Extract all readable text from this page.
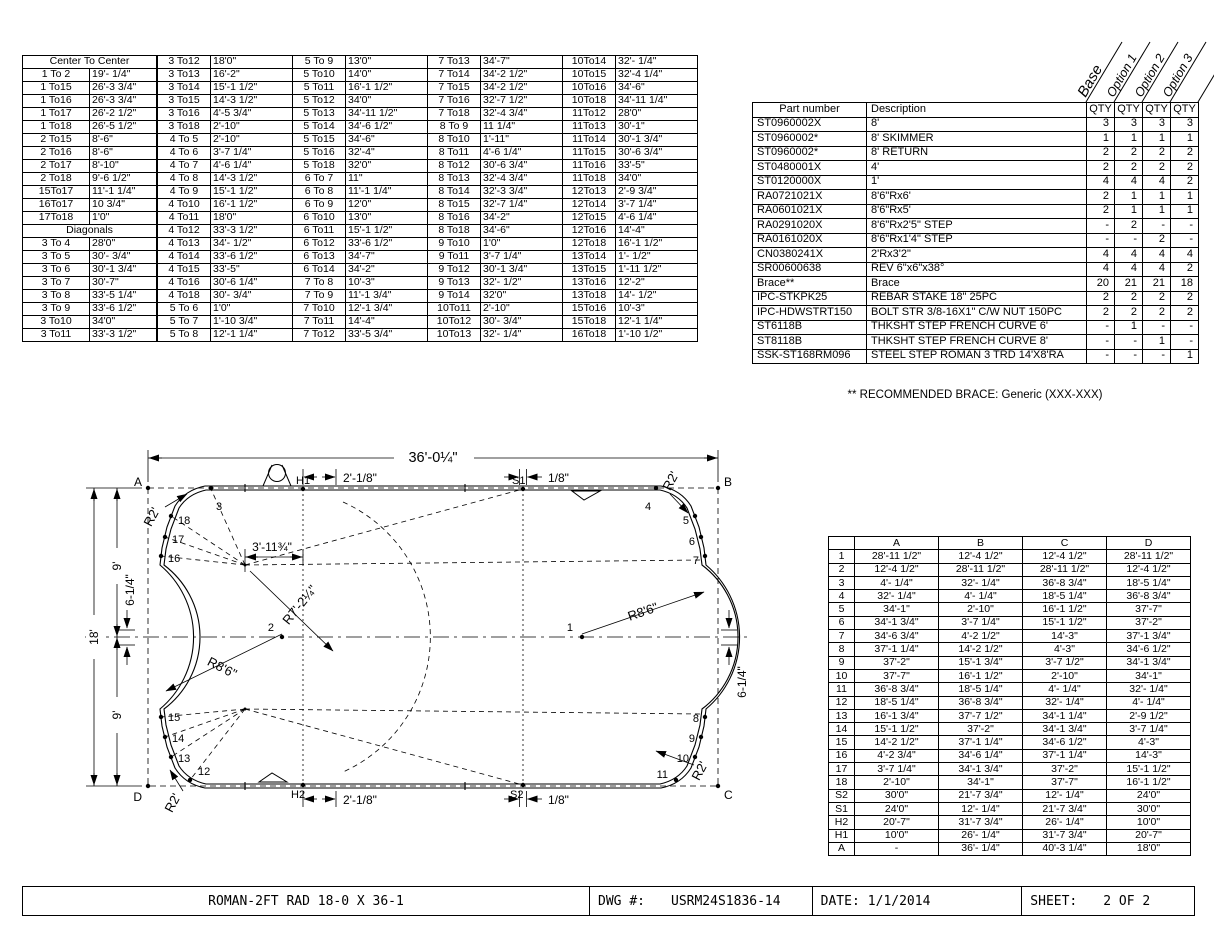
Center To Center	
1 To 2	19'- 1/4"
1 To15	26'-3 3/4"
1 To16	26'-3 3/4"
1 To17	26'-2 1/2"
1 To18	26'-5 1/2"
2 To15	8'-6"
2 To16	8'-6"
2 To17	8'-10"
2 To18	9'-6 1/2"
15To17	11'-1 1/4"
16To17	10 3/4"
17To18	1'0"
Diagonals	
3 To 4	28'0"
3 To 5	30'- 3/4"
3 To 6	30'-1 3/4"
3 To 7	30'-7"
3 To 8	33'-5 1/4"
3 To 9	33'-6 1/2"
3 To10	34'0"
3 To11	33'-3 1/2"
3 To12	18'0"
3 To13	16'-2"
3 To14	15'-1 1/2"
3 To15	14'-3 1/2"
3 To16	4'-5 3/4"
3 To18	2'-10"
4 To 5	2'-10"
4 To 6	3'-7 1/4"
4 To 7	4'-6 1/4"
4 To 8	14'-3 1/2"
4 To 9	15'-1 1/2"
4 To10	16'-1 1/2"
4 To11	18'0"
4 To12	33'-3 1/2"
4 To13	34'- 1/2"
4 To14	33'-6 1/2"
4 To15	33'-5"
4 To16	30'-6 1/4"
4 To18	30'- 3/4"
5 To 6	1'0"
5 To 7	1'-10 3/4"
5 To 8	12'-1 1/4"
5 To 9	13'0"
5 To10	14'0"
5 To11	16'-1 1/2"
5 To12	34'0"
5 To13	34'-11 1/2"
5 To14	34'-6 1/2"
5 To15	34'-6"
5 To16	32'-4"
5 To18	32'0"
6 To 7	11"
6 To 8	11'-1 1/4"
6 To 9	12'0"
6 To10	13'0"
6 To11	15'-1 1/2"
6 To12	33'-6 1/2"
6 To13	34'-7"
6 To14	34'-2"
7 To 8	10'-3"
7 To 9	11'-1 3/4"
7 To10	12'-1 3/4"
7 To11	14'-4"
7 To12	33'-5 3/4"
7 To13	34'-7"
7 To14	34'-2 1/2"
7 To15	34'-2 1/2"
7 To16	32'-7 1/2"
7 To18	32'-4 3/4"
8 To 9	11 1/4"
8 To10	1'-11"
8 To11	4'-6 1/4"
8 To12	30'-6 3/4"
8 To13	32'-4 3/4"
8 To14	32'-3 3/4"
8 To15	32'-7 1/4"
8 To16	34'-2"
8 To18	34'-6"
9 To10	1'0"
9 To11	3'-7 1/4"
9 To12	30'-1 3/4"
9 To13	32'- 1/2"
9 To14	32'0"
10To11	2'-10"
10To12	30'- 3/4"
10To13	32'- 1/4"
10To14	32'- 1/4"
10To15	32'-4 1/4"
10To16	34'-6"
10To18	34'-11 1/4"
11To12	28'0"
11To13	30'-1"
11To14	30'-1 3/4"
11To15	30'-6 3/4"
11To16	33'-5"
11To18	34'0"
12To13	2'-9 3/4"
12To14	3'-7 1/4"
12To15	4'-6 1/4"
12To16	14'-4"
12To18	16'-1 1/2"
13To14	1'- 1/2"
13To15	1'-11 1/2"
13To16	12'-2"
13To18	14'- 1/2"
15To16	10'-3"
15To18	12'-1 1/4"
16To18	1'-10 1/2"
Base
Option 1
Option 2
Option 3
Part number	Description	QTY	QTY	QTY	QTY
ST0960002X	8'	3	3	3	3
ST0960002*	8' SKIMMER	1	1	1	1
ST0960002*	8' RETURN	2	2	2	2
ST0480001X	4'	2	2	2	2
ST0120000X	1'	4	4	4	2
RA0721021X	8'6"Rx6'	2	1	1	1
RA0601021X	8'6"Rx5'	2	1	1	1
RA0291020X	8'6"Rx2'5" STEP	-	2	-	-
RA0161020X	8'6"Rx1'4" STEP	-	-	2	-
CN0380241X	2'Rx3'2"	4	4	4	4
SR00600638	REV 6"x6"x38°	4	4	4	2
Brace**	Brace	20	21	21	18
IPC-STKPK25	REBAR STAKE 18" 25PC	2	2	2	2
IPC-HDWSTRT150	BOLT STR 3/8-16X1" C/W NUT 150PC	2	2	2	2
ST6118B	THKSHT STEP FRENCH CURVE 6'	-	1	-	-
ST8118B	THKSHT STEP FRENCH CURVE 8'	-	-	1	-
SSK-ST168RM096	STEEL STEP ROMAN 3 TRD 14'X8'RA	-	-	-	1
** RECOMMENDED BRACE: Generic (XXX-XXX)
	A	B	C	D
1	28'-11 1/2"	12'-4 1/2"	12'-4 1/2"	28'-11 1/2"
2	12'-4 1/2"	28'-11 1/2"	28'-11 1/2"	12'-4 1/2"
3	4'- 1/4"	32'- 1/4"	36'-8 3/4"	18'-5 1/4"
4	32'- 1/4"	4'- 1/4"	18'-5 1/4"	36'-8 3/4"
5	34'-1"	2'-10"	16'-1 1/2"	37'-7"
6	34'-1 3/4"	3'-7 1/4"	15'-1 1/2"	37'-2"
7	34'-6 3/4"	4'-2 1/2"	14'-3"	37'-1 3/4"
8	37'-1 1/4"	14'-2 1/2"	4'-3"	34'-6 1/2"
9	37'-2"	15'-1 3/4"	3'-7 1/2"	34'-1 3/4"
10	37'-7"	16'-1 1/2"	2'-10"	34'-1"
11	36'-8 3/4"	18'-5 1/4"	4'- 1/4"	32'- 1/4"
12	18'-5 1/4"	36'-8 3/4"	32'- 1/4"	4'- 1/4"
13	16'-1 3/4"	37'-7 1/2"	34'-1 1/4"	2'-9 1/2"
14	15'-1 1/2"	37'-2"	34'-1 3/4"	3'-7 1/4"
15	14'-2 1/2"	37'-1 1/4"	34'-6 1/2"	4'-3"
16	4'-2 3/4"	34'-6 1/4"	37'-1 1/4"	14'-3"
17	3'-7 1/4"	34'-1 3/4"	37'-2"	15'-1 1/2"
18	2'-10"	34'-1"	37'-7"	16'-1 1/2"
S2	30'0"	21'-7 3/4"	12'- 1/4"	24'0"
S1	24'0"	12'- 1/4"	21'-7 3/4"	30'0"
H2	20'-7"	31'-7 3/4"	26'- 1/4"	10'0"
H1	10'0"	26'- 1/4"	31'-7 3/4"	20'-7"
A	-	36'- 1/4"	40'-3 1/4"	18'0"
36'-0¼"
2'-1/8"	1/8"
2'-1/8"	1/8"
18'
9'
9'
6-1/4"
6-1/4"
3'-11¾"
R8'6"
R8'6"
R7'-2¼"
R2'
R2'
R2'
R2'
A	B
C
D
H1	S1
H2	S2
1
2
3	4
5
6
7
8
9
10
11
12
13
14
15
16
17
18
ROMAN-2FT RAD 18-0 X 36-1	DWG #: USRM24S1836-14	DATE: 1/1/2014	SHEET: 2 OF 2
